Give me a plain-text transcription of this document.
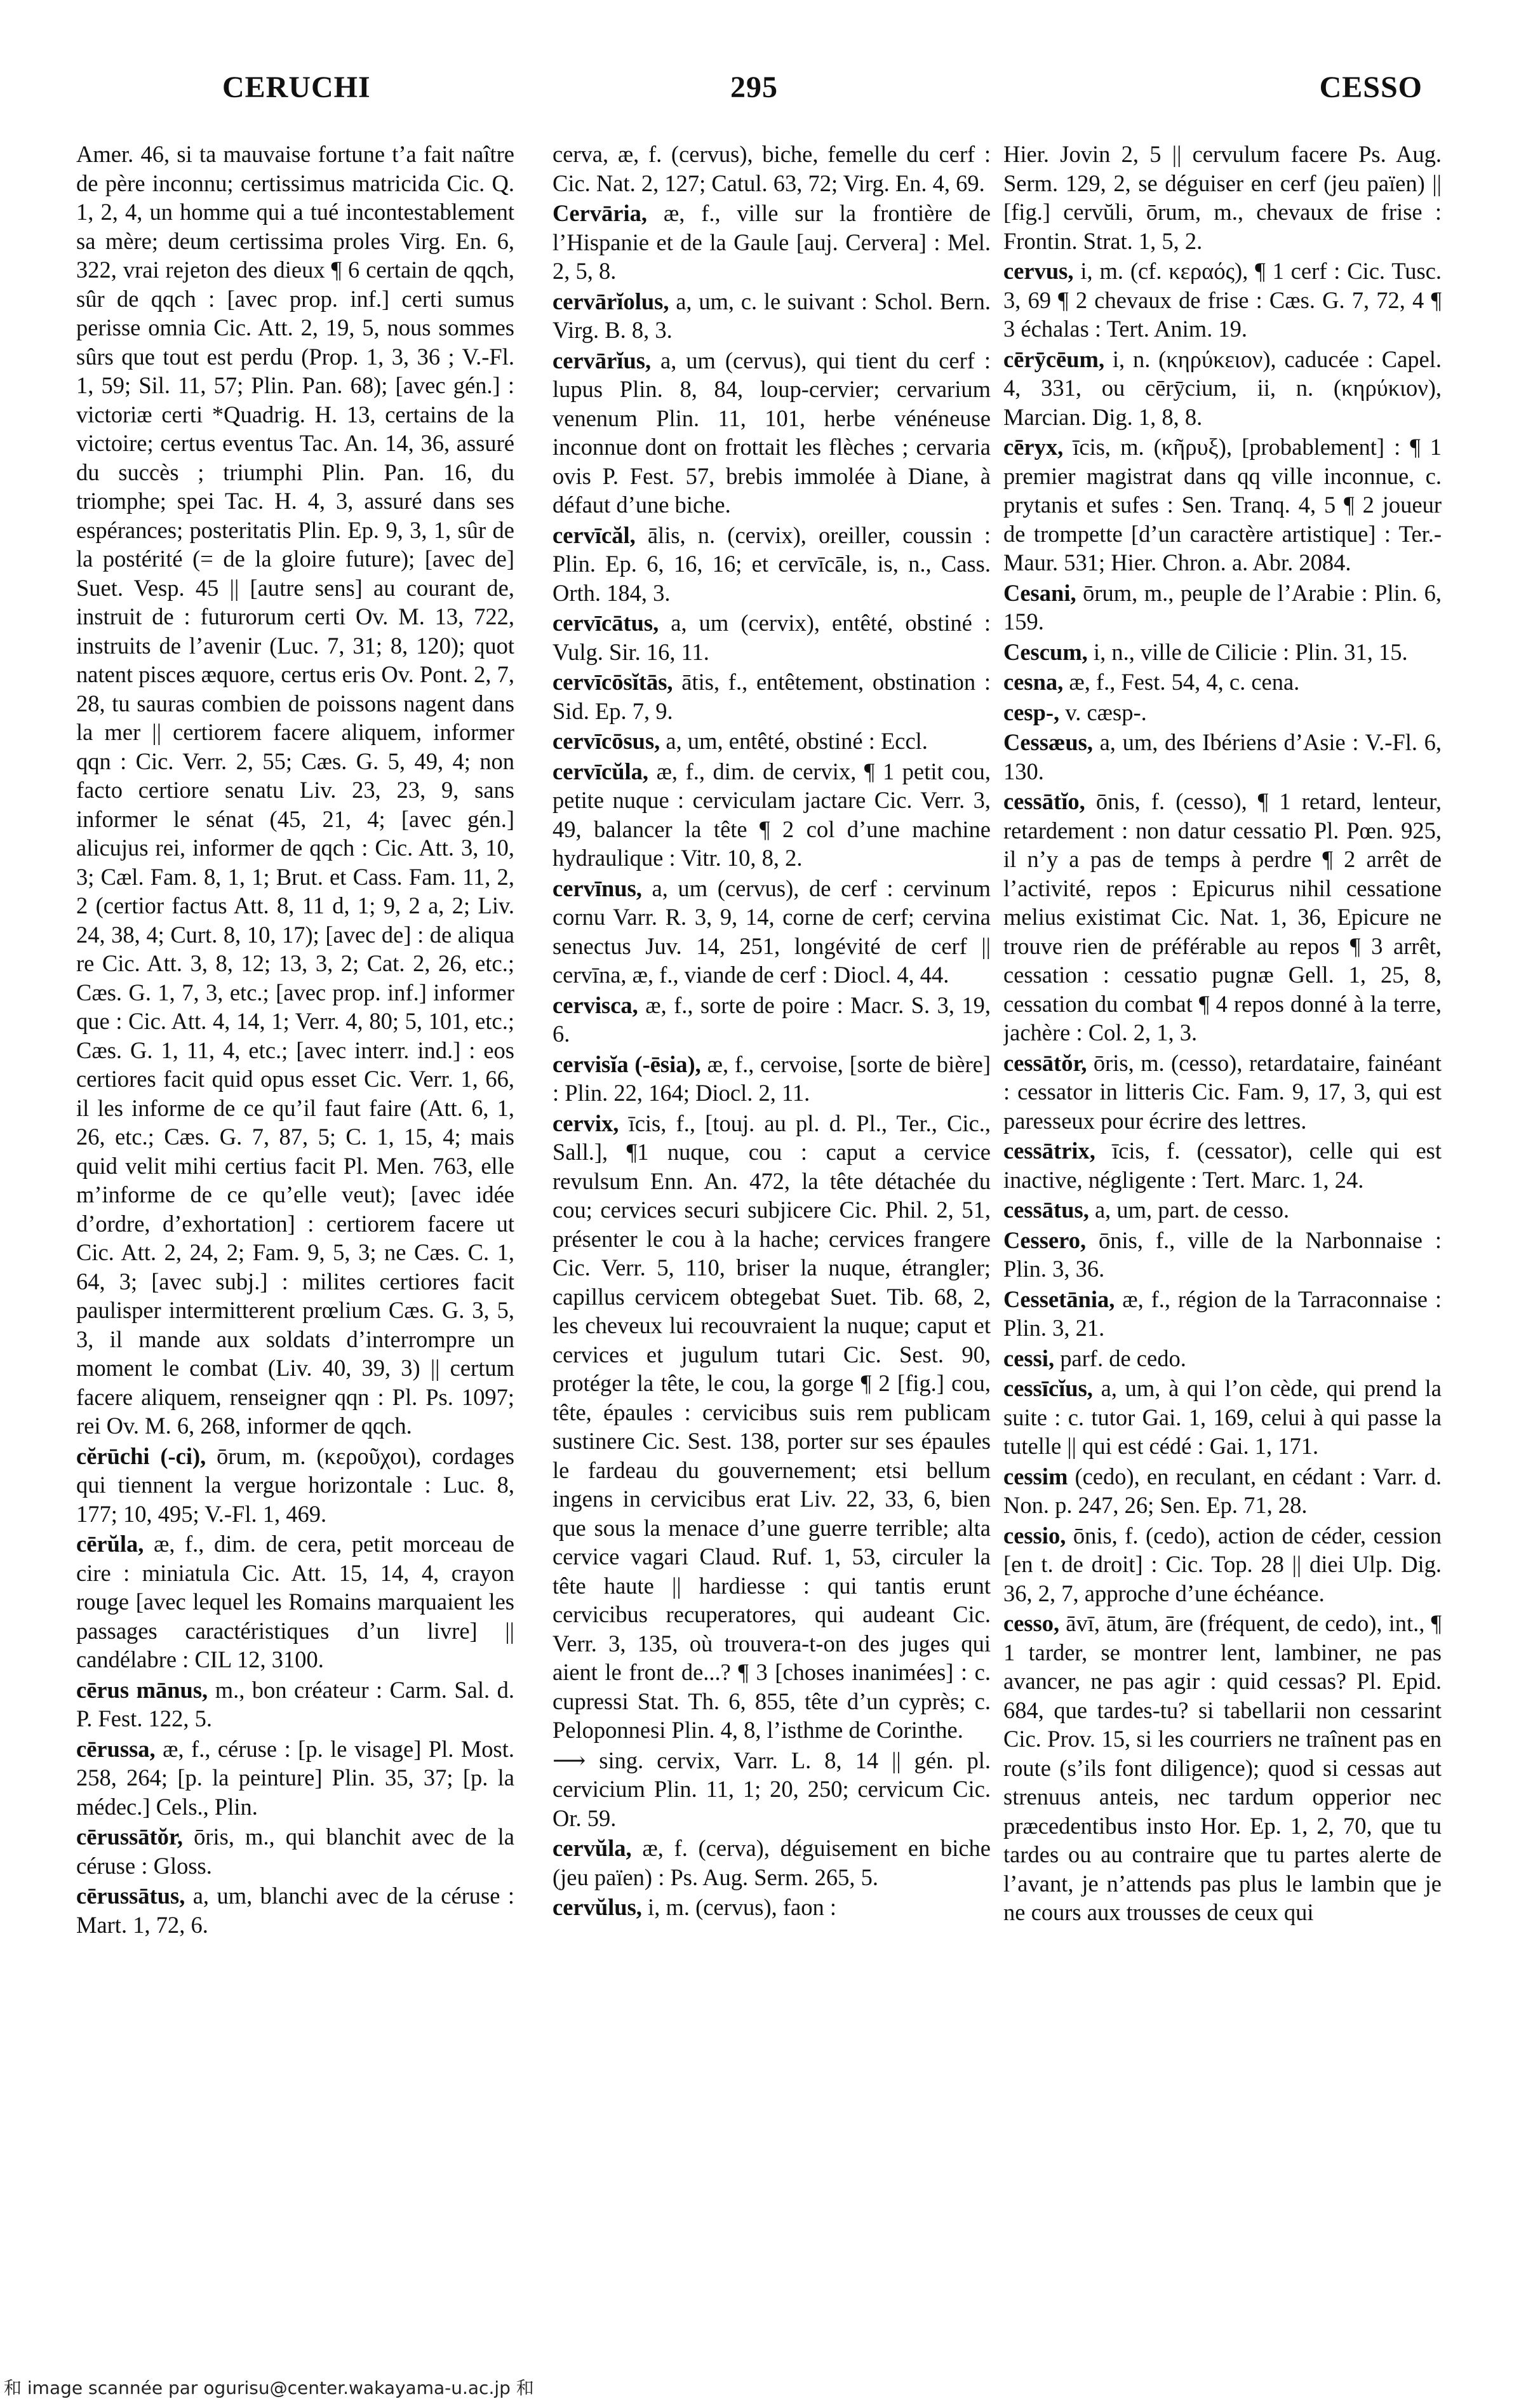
CERUCHI	295	CESSO

Amer. 46, si ta mauvaise fortune t’a fait naître de père inconnu; certissimus matricida Cic. Q. 1, 2, 4, un homme qui a tué incontestablement sa mère; deum certissima proles Virg. En. 6, 322, vrai rejeton des dieux ¶ 6 certain de qqch, sûr de qqch : [avec prop. inf.] certi sumus perisse omnia Cic. Att. 2, 19, 5, nous sommes sûrs que tout est perdu (Prop. 1, 3, 36 ; V.-Fl. 1, 59; Sil. 11, 57; Plin. Pan. 68); [avec gén.] : victoriæ certi *Quadrig. H. 13, certains de la victoire; certus eventus Tac. An. 14, 36, assuré du succès ; triumphi Plin. Pan. 16, du triomphe; spei Tac. H. 4, 3, assuré dans ses espérances; posteritatis Plin. Ep. 9, 3, 1, sûr de la postérité (= de la gloire future); [avec de] Suet. Vesp. 45 || [autre sens] au courant de, instruit de : futurorum certi Ov. M. 13, 722, instruits de l’avenir (Luc. 7, 31; 8, 120); quot natent pisces æquore, certus eris Ov. Pont. 2, 7, 28, tu sauras combien de poissons nagent dans la mer || certiorem facere aliquem, informer qqn : Cic. Verr. 2, 55; Cæs. G. 5, 49, 4; non facto certiore senatu Liv. 23, 23, 9, sans informer le sénat (45, 21, 4; [avec gén.] alicujus rei, informer de qqch : Cic. Att. 3, 10, 3; Cæl. Fam. 8, 1, 1; Brut. et Cass. Fam. 11, 2, 2 (certior factus Att. 8, 11 d, 1; 9, 2 a, 2; Liv. 24, 38, 4; Curt. 8, 10, 17); [avec de] : de aliqua re Cic. Att. 3, 8, 12; 13, 3, 2; Cat. 2, 26, etc.; Cæs. G. 1, 7, 3, etc.; [avec prop. inf.] informer que : Cic. Att. 4, 14, 1; Verr. 4, 80; 5, 101, etc.; Cæs. G. 1, 11, 4, etc.; [avec interr. ind.] : eos certiores facit quid opus esset Cic. Verr. 1, 66, il les informe de ce qu’il faut faire (Att. 6, 1, 26, etc.; Cæs. G. 7, 87, 5; C. 1, 15, 4; mais quid velit mihi certius facit Pl. Men. 763, elle m’informe de ce qu’elle veut); [avec idée d’ordre, d’exhortation] : certiorem facere ut Cic. Att. 2, 24, 2; Fam. 9, 5, 3; ne Cæs. C. 1, 64, 3; [avec subj.] : milites certiores facit paulisper intermitterent prœlium Cæs. G. 3, 5, 3, il mande aux soldats d’interrompre un moment le combat (Liv. 40, 39, 3) || certum facere aliquem, renseigner qqn : Pl. Ps. 1097; rei Ov. M. 6, 268, informer de qqch.

cĕrūchi (-ci), ōrum, m. (κεροῦχοι), cordages qui tiennent la vergue horizontale : Luc. 8, 177; 10, 495; V.-Fl. 1, 469.

cērŭla, æ, f., dim. de cera, petit morceau de cire : miniatula Cic. Att. 15, 14, 4, crayon rouge [avec lequel les Romains marquaient les passages caractéristiques d’un livre] || candélabre : CIL 12, 3100.

cērus mānus, m., bon créateur : Carm. Sal. d. P. Fest. 122, 5.

cērussa, æ, f., céruse : [p. le visage] Pl. Most. 258, 264; [p. la peinture] Plin. 35, 37; [p. la médec.] Cels., Plin.

cērussātŏr, ōris, m., qui blanchit avec de la céruse : Gloss.

cērussātus, a, um, blanchi avec de la céruse : Mart. 1, 72, 6.

cerva, æ, f. (cervus), biche, femelle du cerf : Cic. Nat. 2, 127; Catul. 63, 72; Virg. En. 4, 69.

Cervāria, æ, f., ville sur la frontière de l’Hispanie et de la Gaule [auj. Cervera] : Mel. 2, 5, 8.

cervārĭolus, a, um, c. le suivant : Schol. Bern. Virg. B. 8, 3.

cervārĭus, a, um (cervus), qui tient du cerf : lupus Plin. 8, 84, loup-cervier; cervarium venenum Plin. 11, 101, herbe vénéneuse inconnue dont on frottait les flèches ; cervaria ovis P. Fest. 57, brebis immolée à Diane, à défaut d’une biche.

cervīcăl, ālis, n. (cervix), oreiller, coussin : Plin. Ep. 6, 16, 16; et cervīcāle, is, n., Cass. Orth. 184, 3.

cervīcātus, a, um (cervix), entêté, obstiné : Vulg. Sir. 16, 11.

cervīcōsĭtās, ātis, f., entêtement, obstination : Sid. Ep. 7, 9.

cervīcōsus, a, um, entêté, obstiné : Eccl.

cervīcŭla, æ, f., dim. de cervix, ¶ 1 petit cou, petite nuque : cerviculam jactare Cic. Verr. 3, 49, balancer la tête ¶ 2 col d’une machine hydraulique : Vitr. 10, 8, 2.

cervīnus, a, um (cervus), de cerf : cervinum cornu Varr. R. 3, 9, 14, corne de cerf; cervina senectus Juv. 14, 251, longévité de cerf || cervīna, æ, f., viande de cerf : Diocl. 4, 44.

cervisca, æ, f., sorte de poire : Macr. S. 3, 19, 6.

cervisĭa (-ēsia), æ, f., cervoise, [sorte de bière] : Plin. 22, 164; Diocl. 2, 11.

cervix, īcis, f., [touj. au pl. d. Pl., Ter., Cic., Sall.], ¶1 nuque, cou : caput a cervice revulsum Enn. An. 472, la tête détachée du cou; cervices securi subjicere Cic. Phil. 2, 51, présenter le cou à la hache; cervices frangere Cic. Verr. 5, 110, briser la nuque, étrangler; capillus cervicem obtegebat Suet. Tib. 68, 2, les cheveux lui recouvraient la nuque; caput et cervices et jugulum tutari Cic. Sest. 90, protéger la tête, le cou, la gorge ¶ 2 [fig.] cou, tête, épaules : cervicibus suis rem publicam sustinere Cic. Sest. 138, porter sur ses épaules le fardeau du gouvernement; etsi bellum ingens in cervicibus erat Liv. 22, 33, 6, bien que sous la menace d’une guerre terrible; alta cervice vagari Claud. Ruf. 1, 53, circuler la tête haute || hardiesse : qui tantis erunt cervicibus recuperatores, qui audeant Cic. Verr. 3, 135, où trouvera-t-on des juges qui aient le front de...? ¶ 3 [choses inanimées] : c. cupressi Stat. Th. 6, 855, tête d’un cyprès; c. Peloponnesi Plin. 4, 8, l’isthme de Corinthe.

⟶ sing. cervix, Varr. L. 8, 14 || gén. pl. cervicium Plin. 11, 1; 20, 250; cervicum Cic. Or. 59.

cervŭla, æ, f. (cerva), déguisement en biche (jeu païen) : Ps. Aug. Serm. 265, 5.

cervŭlus, i, m. (cervus), faon :

Hier. Jovin 2, 5 || cervulum facere Ps. Aug. Serm. 129, 2, se déguiser en cerf (jeu païen) || [fig.] cervŭli, ōrum, m., chevaux de frise : Frontin. Strat. 1, 5, 2.

cervus, i, m. (cf. κεραός), ¶ 1 cerf : Cic. Tusc. 3, 69 ¶ 2 chevaux de frise : Cæs. G. 7, 72, 4 ¶ 3 échalas : Tert. Anim. 19.

cērȳcēum, i, n. (κηρύκειον), caducée : Capel. 4, 331, ou cērȳcium, ii, n. (κηρύκιον), Marcian. Dig. 1, 8, 8.

cēryx, īcis, m. (κῆρυξ), [probablement] : ¶ 1 premier magistrat dans qq ville inconnue, c. prytanis et sufes : Sen. Tranq. 4, 5 ¶ 2 joueur de trompette [d’un caractère artistique] : Ter.-Maur. 531; Hier. Chron. a. Abr. 2084.

Cesani, ōrum, m., peuple de l’Arabie : Plin. 6, 159.

Cescum, i, n., ville de Cilicie : Plin. 31, 15.

cesna, æ, f., Fest. 54, 4, c. cena.

cesp-, v. cæsp-.

Cessæus, a, um, des Ibériens d’Asie : V.-Fl. 6, 130.

cessātĭo, ōnis, f. (cesso), ¶ 1 retard, lenteur, retardement : non datur cessatio Pl. Pœn. 925, il n’y a pas de temps à perdre ¶ 2 arrêt de l’activité, repos : Epicurus nihil cessatione melius existimat Cic. Nat. 1, 36, Epicure ne trouve rien de préférable au repos ¶ 3 arrêt, cessation : cessatio pugnæ Gell. 1, 25, 8, cessation du combat ¶ 4 repos donné à la terre, jachère : Col. 2, 1, 3.

cessātŏr, ōris, m. (cesso), retardataire, fainéant : cessator in litteris Cic. Fam. 9, 17, 3, qui est paresseux pour écrire des lettres.

cessātrix, īcis, f. (cessator), celle qui est inactive, négligente : Tert. Marc. 1, 24.

cessātus, a, um, part. de cesso.

Cessero, ōnis, f., ville de la Narbonnaise : Plin. 3, 36.

Cessetānia, æ, f., région de la Tarraconnaise : Plin. 3, 21.

cessi, parf. de cedo.

cessīcĭus, a, um, à qui l’on cède, qui prend la suite : c. tutor Gai. 1, 169, celui à qui passe la tutelle || qui est cédé : Gai. 1, 171.

cessim (cedo), en reculant, en cédant : Varr. d. Non. p. 247, 26; Sen. Ep. 71, 28.

cessio, ōnis, f. (cedo), action de céder, cession [en t. de droit] : Cic. Top. 28 || diei Ulp. Dig. 36, 2, 7, approche d’une échéance.

cesso, āvī, ātum, āre (fréquent, de cedo), int., ¶ 1 tarder, se montrer lent, lambiner, ne pas avancer, ne pas agir : quid cessas? Pl. Epid. 684, que tardes-tu? si tabellarii non cessarint Cic. Prov. 15, si les courriers ne traînent pas en route (s’ils font diligence); quod si cessas aut strenuus anteis, nec tardum opperior nec præcedentibus insto Hor. Ep. 1, 2, 70, que tu tardes ou au contraire que tu partes alerte de l’avant, je n’attends pas plus le lambin que je ne cours aux trousses de ceux qui

和 image scannée par ogurisu@center.wakayama-u.ac.jp 和
